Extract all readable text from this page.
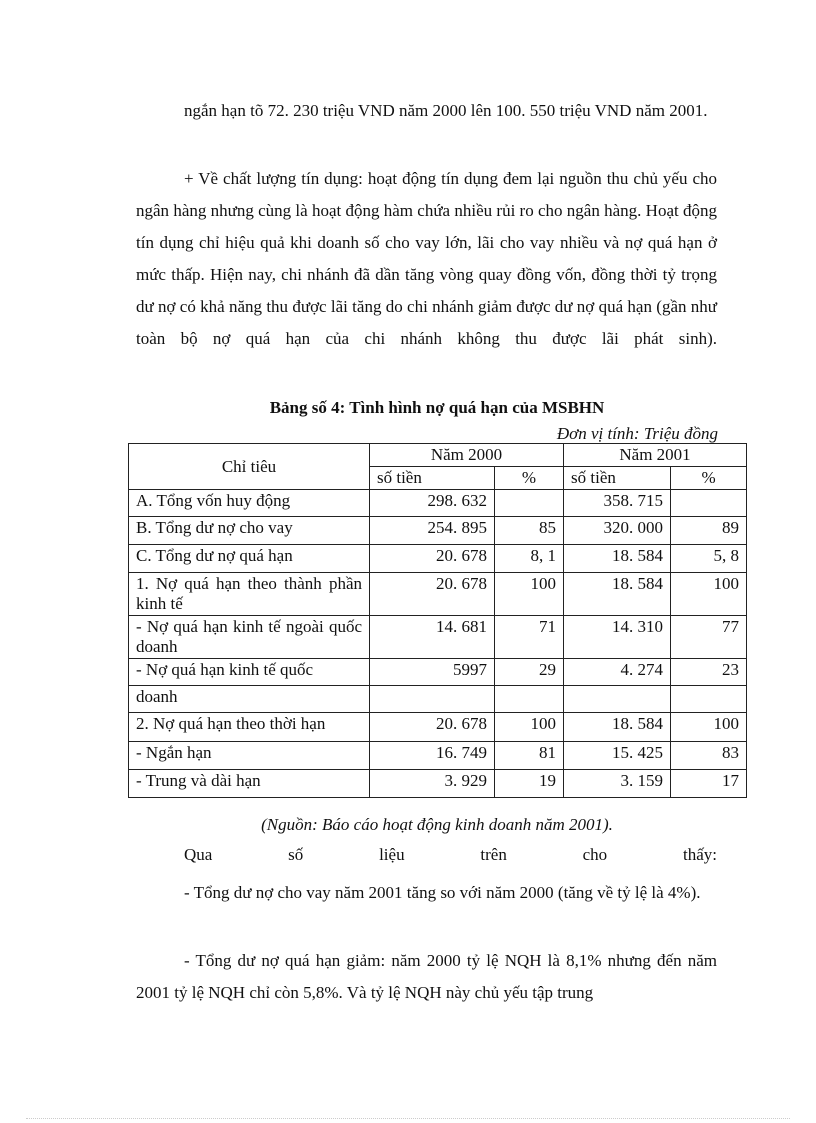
ngắn hạn tõ 72. 230 triệu VND năm 2000 lên 100. 550 triệu VND năm 2001.
+ Về chất lượng tín dụng: hoạt động tín dụng đem lại nguồn thu chủ yếu cho ngân hàng nhưng cùng là hoạt động hàm chứa nhiều rủi ro cho ngân hàng. Hoạt động tín dụng chỉ hiệu quả khi doanh số cho vay lớn, lãi cho vay nhiều và nợ quá hạn ở mức thấp. Hiện nay, chi nhánh đã dần tăng vòng quay đồng vốn, đồng thời tỷ trọng dư nợ có khả năng thu được lãi tăng do chi nhánh giảm được dư nợ quá hạn (gần như toàn bộ nợ quá hạn của chi nhánh không thu được lãi phát sinh).
Bảng số 4: Tình hình nợ quá hạn của MSBHN
Đơn vị tính: Triệu đồng
Chỉ tiêu	Năm 2000		Năm 2001	
	số tiền	%	số tiền	%
A. Tổng vốn huy động	298. 632		358. 715	
B. Tổng dư nợ cho vay	254. 895	85	320. 000	89
C. Tổng dư nợ quá hạn	20. 678	8, 1	18. 584	5, 8
1. Nợ quá hạn theo thành phần kinh tế	20. 678	100	18. 584	100
- Nợ quá hạn kinh tế ngoài quốc doanh	14. 681	71	14. 310	77
- Nợ quá hạn kinh tế quốc	5997	29	4. 274	23
doanh				
2. Nợ quá hạn theo thời hạn	20. 678	100	18. 584	100
- Ngắn hạn	16. 749	81	15. 425	83
- Trung và dài hạn	3. 929	19	3. 159	17
(Nguồn: Báo cáo hoạt động kinh doanh năm 2001).
Qua số liệu trên cho thấy:
- Tổng dư nợ cho vay năm 2001 tăng so với năm 2000 (tăng về tỷ lệ là 4%).
- Tổng dư nợ quá hạn giảm: năm 2000 tỷ lệ NQH là 8,1% nhưng đến năm 2001 tỷ lệ NQH chỉ còn 5,8%. Và tỷ lệ NQH này chủ yếu tập trung
